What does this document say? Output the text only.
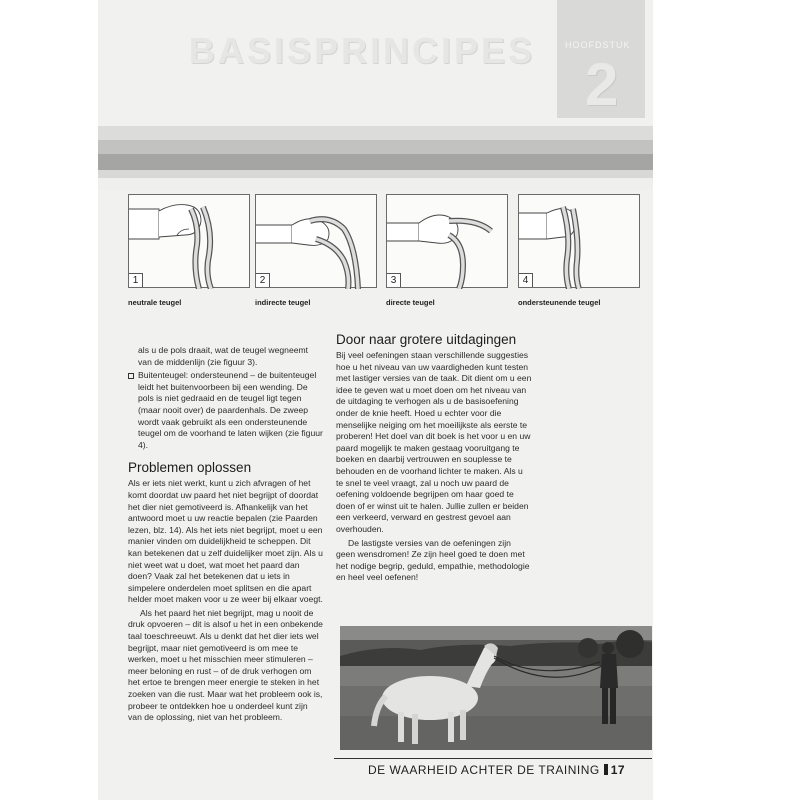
BASISPRINCIPES	HOOFDSTUK
2
1	2	3	4
neutrale teugel	indirecte teugel	directe teugel	ondersteunende teugel

als u de pols draait, wat de teugel wegneemt van de middenlijn (zie figuur 3).

Buitenteugel: ondersteunend – de buitenteugel leidt het buitenvoorbeen bij een wending. De pols is niet gedraaid en de teugel ligt tegen (maar nooit over) de paardenhals. De zweep wordt vaak gebruikt als een ondersteunende teugel om de voorhand te laten wijken (zie figuur 4).

Problemen oplossen

Als er iets niet werkt, kunt u zich afvragen of het komt doordat uw paard het niet begrijpt of doordat het dier niet gemotiveerd is. Afhankelijk van het antwoord moet u uw reactie bepalen (zie Paarden lezen, blz. 14). Als het iets niet begrijpt, moet u een manier vinden om duidelijkheid te scheppen. Dit kan betekenen dat u zelf duidelijker moet zijn. Als u niet weet wat u doet, wat moet het paard dan doen? Vaak zal het betekenen dat u iets in simpelere onderdelen moet splitsen en die apart helder moet maken voor u ze weer bij elkaar voegt.

Als het paard het niet begrijpt, mag u nooit de druk opvoeren – dit is alsof u het in een onbekende taal toeschreeuwt. Als u denkt dat het dier iets wel begrijpt, maar niet gemotiveerd is om mee te werken, moet u het misschien meer stimuleren – meer beloning en rust – of de druk verhogen om het ertoe te brengen meer energie te steken in het zoeken van die rust. Maar wat het probleem ook is, probeer te ontdekken hoe u onderdeel kunt zijn van de oplossing, niet van het probleem.

Door naar grotere uitdagingen

Bij veel oefeningen staan verschillende suggesties hoe u het niveau van uw vaardigheden kunt testen met lastiger versies van de taak. Dit dient om u een idee te geven wat u moet doen om het niveau van de uitdaging te verhogen als u de basisoefening onder de knie heeft. Hoed u echter voor die menselijke neiging om het moeilijkste als eerste te proberen! Het doel van dit boek is het voor u en uw paard mogelijk te maken gestaag vooruitgang te boeken en daarbij vertrouwen en souplesse te behouden en de voorhand lichter te maken. Als u te snel te veel vraagt, zal u noch uw paard de oefening voldoende begrijpen om haar goed te doen of er winst uit te halen. Jullie zullen er beiden een verkeerd, verward en gestrest gevoel aan overhouden.

De lastigste versies van de oefeningen zijn geen wensdromen! Ze zijn heel goed te doen met het nodige begrip, geduld, empathie, methodologie en heel veel oefenen!

DE WAARHEID ACHTER DE TRAINING 17
